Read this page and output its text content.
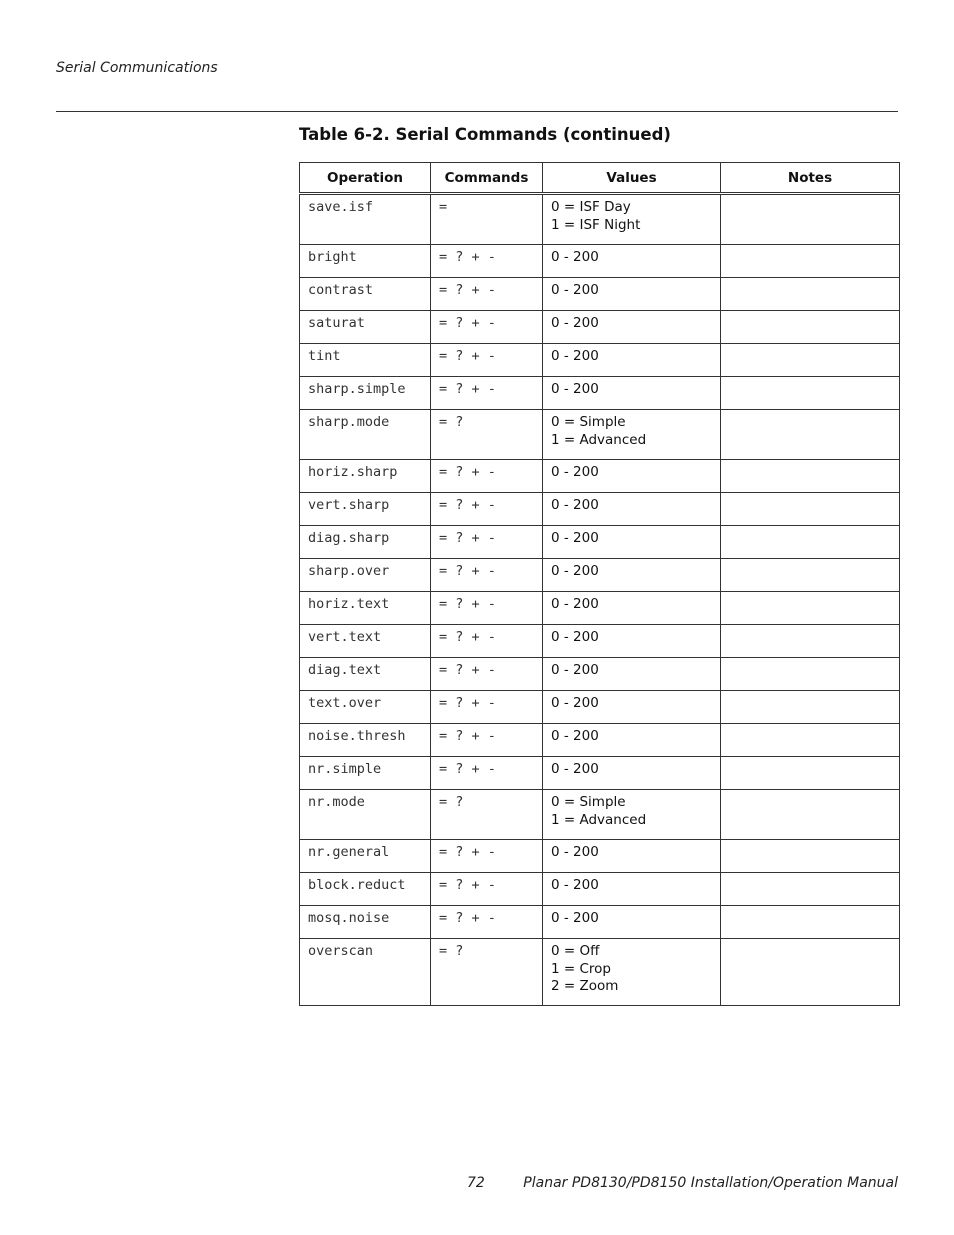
Serial Communications
Table 6-2. Serial Commands (continued)
Operation	Commands	Values	Notes

save.isf	=	0 = ISF Day
1 = ISF Night	

bright	= ? + -	0 - 200	

contrast	= ? + -	0 - 200	

saturat	= ? + -	0 - 200	

tint	= ? + -	0 - 200	

sharp.simple	= ? + -	0 - 200	

sharp.mode	= ?	0 = Simple
1 = Advanced	

horiz.sharp	= ? + -	0 - 200	

vert.sharp	= ? + -	0 - 200	

diag.sharp	= ? + -	0 - 200	

sharp.over	= ? + -	0 - 200	

horiz.text	= ? + -	0 - 200	

vert.text	= ? + -	0 - 200	

diag.text	= ? + -	0 - 200	

text.over	= ? + -	0 - 200	

noise.thresh	= ? + -	0 - 200	

nr.simple	= ? + -	0 - 200	

nr.mode	= ?	0 = Simple
1 = Advanced	

nr.general	= ? + -	0 - 200	

block.reduct	= ? + -	0 - 200	

mosq.noise	= ? + -	0 - 200	

overscan	= ?	0 = Off
1 = Crop
2 = Zoom	

72	Planar PD8130/PD8150 Installation/Operation Manual
